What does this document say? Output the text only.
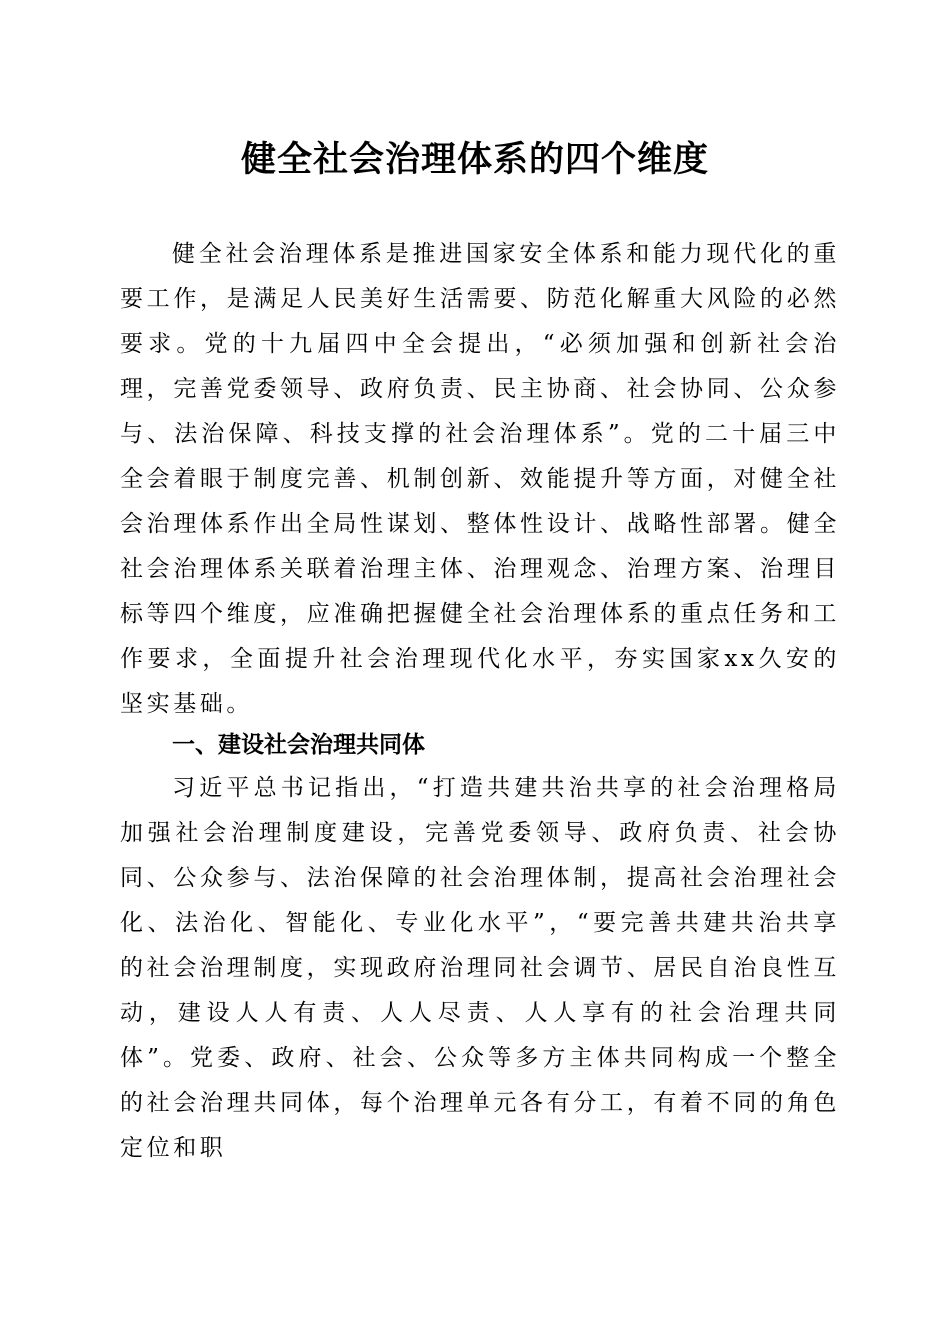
健全社会治理体系的四个维度

健全社会治理体系是推进国家安全体系和能力现代化的重要工作，是满足人民美好生活需要、防范化解重大风险的必然要求。党的十九届四中全会提出，“必须加强和创新社会治理，完善党委领导、政府负责、民主协商、社会协同、公众参与、法治保障、科技支撑的社会治理体系”。党的二十届三中全会着眼于制度完善、机制创新、效能提升等方面，对健全社会治理体系作出全局性谋划、整体性设计、战略性部署。健全社会治理体系关联着治理主体、治理观念、治理方案、治理目标等四个维度，应准确把握健全社会治理体系的重点任务和工作要求，全面提升社会治理现代化水平，夯实国家xx久安的坚实基础。

一、建设社会治理共同体

习近平总书记指出，“打造共建共治共享的社会治理格局加强社会治理制度建设，完善党委领导、政府负责、社会协同、公众参与、法治保障的社会治理体制，提高社会治理社会化、法治化、智能化、专业化水平”，“要完善共建共治共享的社会治理制度，实现政府治理同社会调节、居民自治良性互动，建设人人有责、人人尽责、人人享有的社会治理共同体”。党委、政府、社会、公众等多方主体共同构成一个整全的社会治理共同体，每个治理单元各有分工，有着不同的角色定位和职
